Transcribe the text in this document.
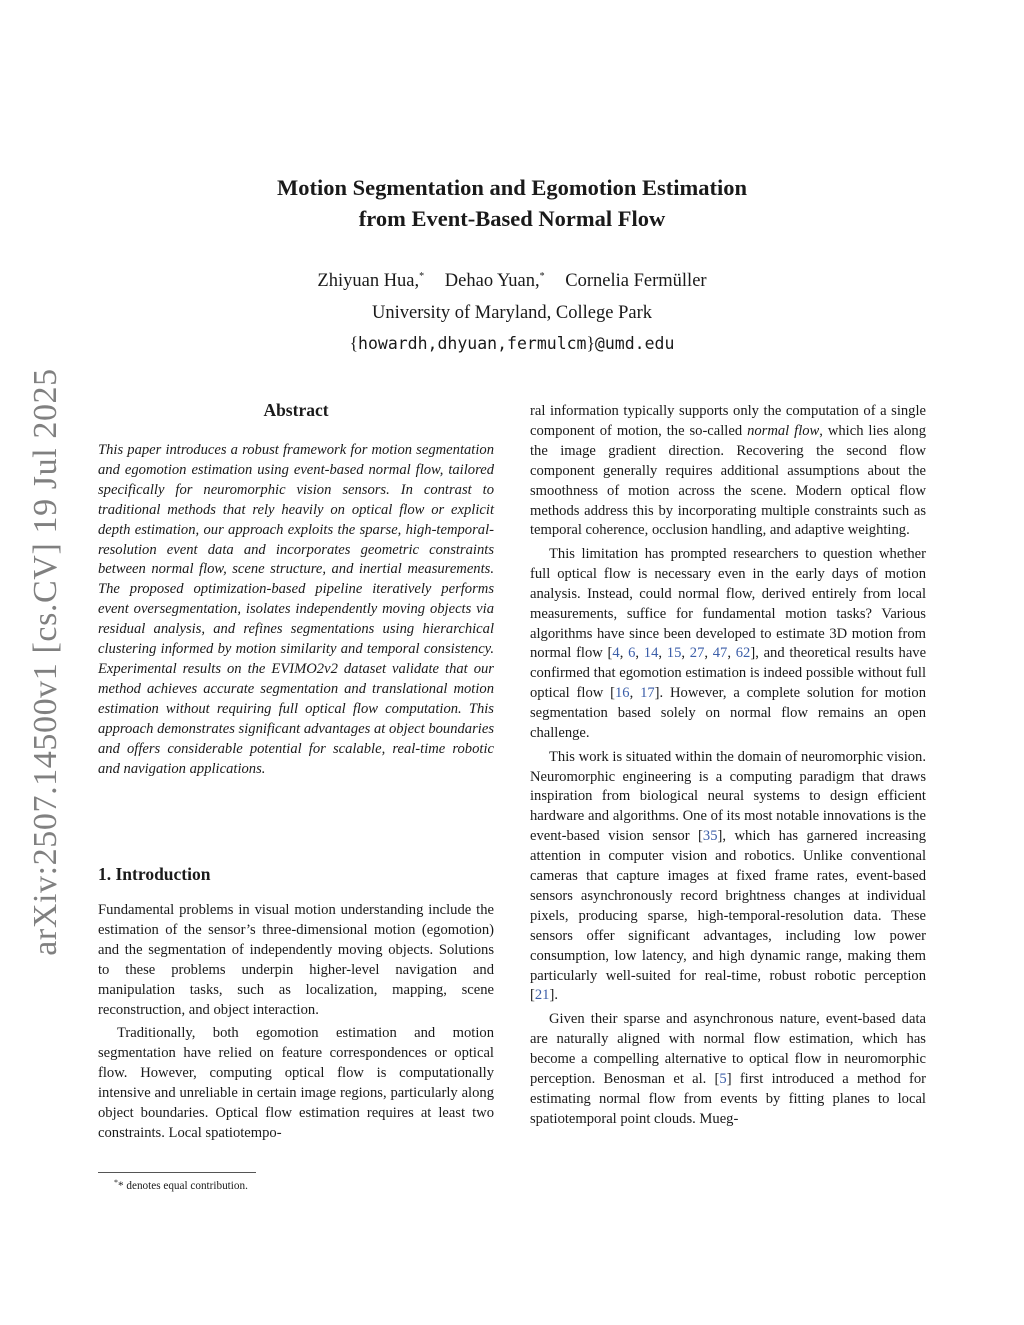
arXiv:2507.14500v1 [cs.CV] 19 Jul 2025
Motion Segmentation and Egomotion Estimation
from Event-Based Normal Flow
Zhiyuan Hua,* Dehao Yuan,* Cornelia Fermüller
University of Maryland, College Park
{howardh,dhyuan,fermulcm}@umd.edu
Abstract

This paper introduces a robust framework for motion segmentation and egomotion estimation using event-based normal flow, tailored specifically for neuromorphic vision sensors. In contrast to traditional methods that rely heavily on optical flow or explicit depth estimation, our approach exploits the sparse, high-temporal-resolution event data and incorporates geometric constraints between normal flow, scene structure, and inertial measurements. The proposed optimization-based pipeline iteratively performs event oversegmentation, isolates independently moving objects via residual analysis, and refines segmentations using hierarchical clustering informed by motion similarity and temporal consistency. Experimental results on the EVIMO2v2 dataset validate that our method achieves accurate segmentation and translational motion estimation without requiring full optical flow computation. This approach demonstrates significant advantages at object boundaries and offers considerable potential for scalable, real-time robotic and navigation applications.

1. Introduction

Fundamental problems in visual motion understanding include the estimation of the sensor’s three-dimensional motion (egomotion) and the segmentation of independently moving objects. Solutions to these problems underpin higher-level navigation and manipulation tasks, such as localization, mapping, scene reconstruction, and object interaction.

Traditionally, both egomotion estimation and motion segmentation have relied on feature correspondences or optical flow. However, computing optical flow is computationally intensive and unreliable in certain image regions, particularly along object boundaries. Optical flow estimation requires at least two constraints. Local spatiotempo-

ral information typically supports only the computation of a single component of motion, the so-called normal flow, which lies along the image gradient direction. Recovering the second flow component generally requires additional assumptions about the smoothness of motion across the scene. Modern optical flow methods address this by incorporating multiple constraints such as temporal coherence, occlusion handling, and adaptive weighting.

This limitation has prompted researchers to question whether full optical flow is necessary even in the early days of motion analysis. Instead, could normal flow, derived entirely from local measurements, suffice for fundamental motion tasks? Various algorithms have since been developed to estimate 3D motion from normal flow [4, 6, 14, 15, 27, 47, 62], and theoretical results have confirmed that egomotion estimation is indeed possible without full optical flow [16, 17]. However, a complete solution for motion segmentation based solely on normal flow remains an open challenge.

This work is situated within the domain of neuromorphic vision. Neuromorphic engineering is a computing paradigm that draws inspiration from biological neural systems to design efficient hardware and algorithms. One of its most notable innovations is the event-based vision sensor [35], which has garnered increasing attention in computer vision and robotics. Unlike conventional cameras that capture images at fixed frame rates, event-based sensors asynchronously record brightness changes at individual pixels, producing sparse, high-temporal-resolution data. These sensors offer significant advantages, including low power consumption, low latency, and high dynamic range, making them particularly well-suited for real-time, robust robotic perception [21].

Given their sparse and asynchronous nature, event-based data are naturally aligned with normal flow estimation, which has become a compelling alternative to optical flow in neuromorphic perception. Benosman et al. [5] first introduced a method for estimating normal flow from events by fitting planes to local spatiotemporal point clouds. Mueg-

** denotes equal contribution.
